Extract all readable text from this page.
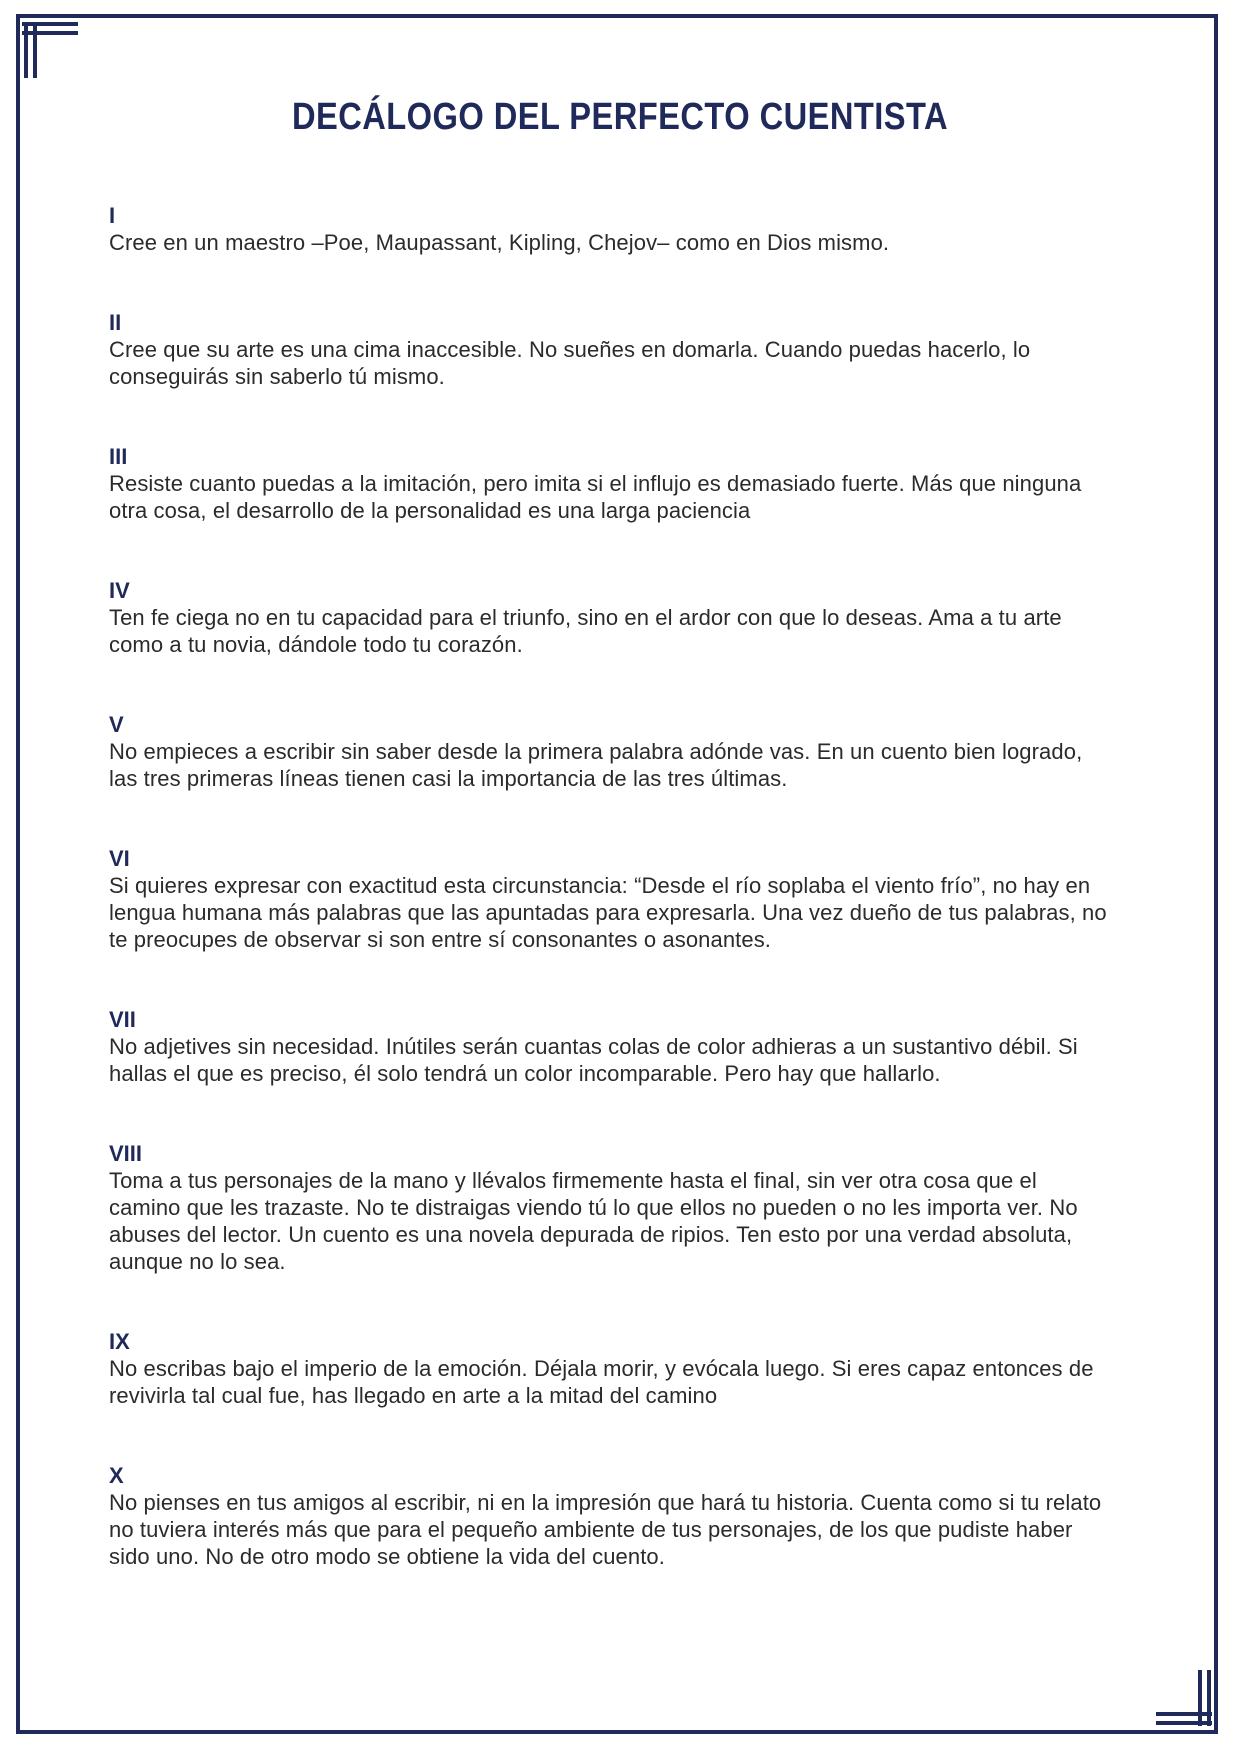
DECÁLOGO DEL PERFECTO CUENTISTA
I

Cree en un maestro –Poe, Maupassant, Kipling, Chejov– como en Dios mismo.

II

Cree que su arte es una cima inaccesible. No sueñes en domarla. Cuando puedas hacerlo, lo conseguirás sin saberlo tú mismo.

III

Resiste cuanto puedas a la imitación, pero imita si el influjo es demasiado fuerte. Más que ninguna otra cosa, el desarrollo de la personalidad es una larga paciencia

IV

Ten fe ciega no en tu capacidad para el triunfo, sino en el ardor con que lo deseas. Ama a tu arte como a tu novia, dándole todo tu corazón.

V

No empieces a escribir sin saber desde la primera palabra adónde vas. En un cuento bien logrado, las tres primeras líneas tienen casi la importancia de las tres últimas.

VI

Si quieres expresar con exactitud esta circunstancia: “Desde el río soplaba el viento frío”, no hay en lengua humana más palabras que las apuntadas para expresarla. Una vez dueño de tus palabras, no te preocupes de observar si son entre sí consonantes o asonantes.

VII

No adjetives sin necesidad. Inútiles serán cuantas colas de color adhieras a un sustantivo débil. Si hallas el que es preciso, él solo tendrá un color incomparable. Pero hay que hallarlo.

VIII

Toma a tus personajes de la mano y llévalos firmemente hasta el final, sin ver otra cosa que el camino que les trazaste. No te distraigas viendo tú lo que ellos no pueden o no les importa ver. No abuses del lector. Un cuento es una novela depurada de ripios. Ten esto por una verdad absoluta, aunque no lo sea.

IX

No escribas bajo el imperio de la emoción. Déjala morir, y evócala luego. Si eres capaz entonces de revivirla tal cual fue, has llegado en arte a la mitad del camino

X

No pienses en tus amigos al escribir, ni en la impresión que hará tu historia. Cuenta como si tu relato no tuviera interés más que para el pequeño ambiente de tus personajes, de los que pudiste haber sido uno. No de otro modo se obtiene la vida del cuento.
